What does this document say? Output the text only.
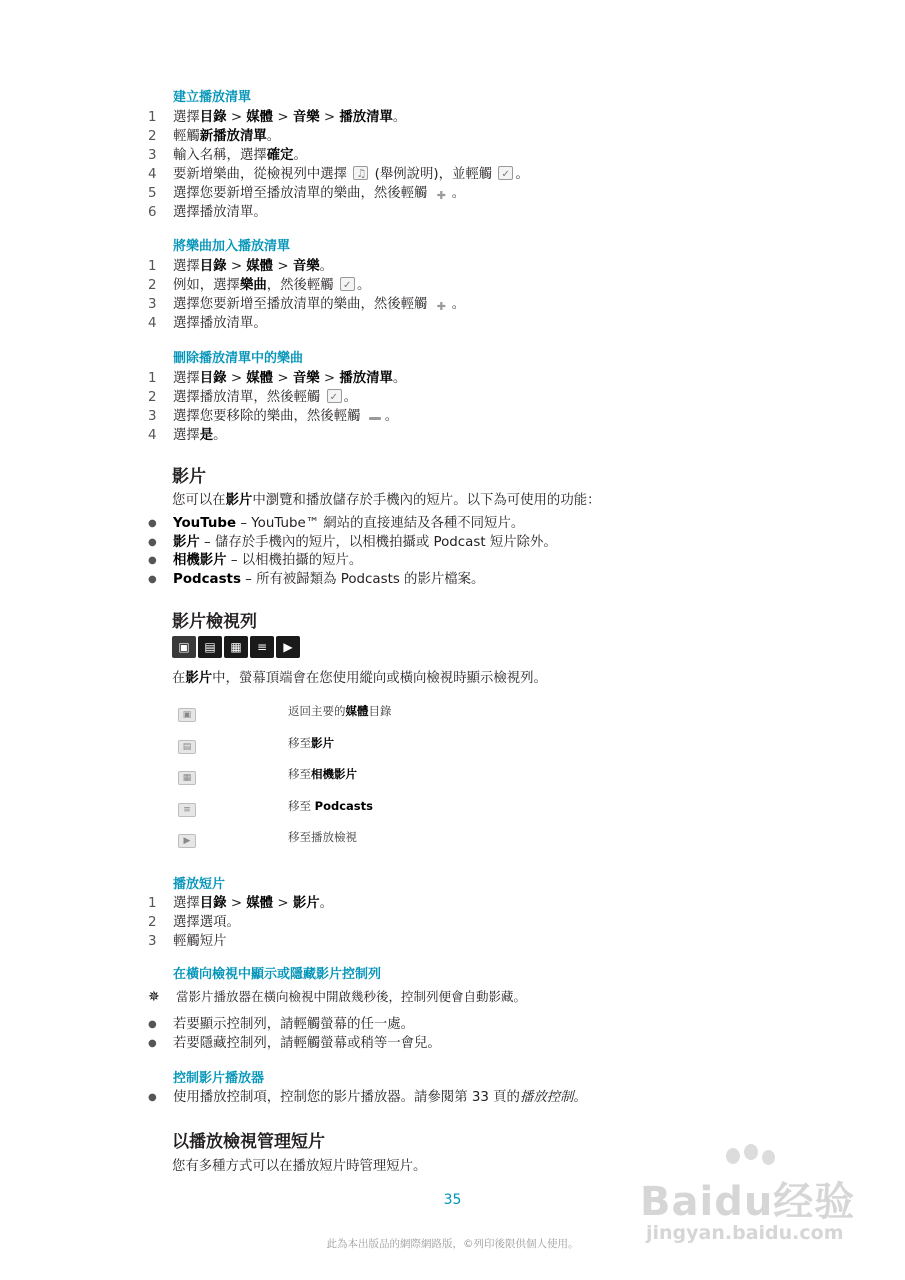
建立播放清單
1 選擇目錄 > 媒體 > 音樂 > 播放清單。
2 輕觸新播放清單。
3 輸入名稱，選擇確定。
4 要新增樂曲，從檢視列中選擇 ♫ (舉例說明)，並輕觸 ✓。
5 選擇您要新增至播放清單的樂曲，然後輕觸 ✚。
6 選擇播放清單。
將樂曲加入播放清單
1 選擇目錄 > 媒體 > 音樂。
2 例如，選擇樂曲，然後輕觸 ✓。
3 選擇您要新增至播放清單的樂曲，然後輕觸 ✚。
4 選擇播放清單。
刪除播放清單中的樂曲
1 選擇目錄 > 媒體 > 音樂 > 播放清單。
2 選擇播放清單，然後輕觸 ✓。
3 選擇您要移除的樂曲，然後輕觸 。
4 選擇是。
影片

您可以在影片中瀏覽和播放儲存於手機內的短片。以下為可使用的功能：

● YouTube – YouTube™ 網站的直接連結及各種不同短片。
● 影片 – 儲存於手機內的短片，以相機拍攝或 Podcast 短片除外。
● 相機影片 – 以相機拍攝的短片。
● Podcasts – 所有被歸類為 Podcasts 的影片檔案。
影片檢視列
▣	▤	▦	≡	▶

在影片中，螢幕頂端會在您使用縱向或橫向檢視時顯示檢視列。

▣	返回主要的媒體目錄
▤	移至影片
▦	移至相機影片
≡	移至 Podcasts
▶	移至播放檢視
播放短片
1 選擇目錄 > 媒體 > 影片。
2 選擇選項。
3 輕觸短片
在橫向檢視中顯示或隱藏影片控制列
✵ 當影片播放器在橫向檢視中開啟幾秒後，控制列便會自動影藏。
● 若要顯示控制列，請輕觸螢幕的任一處。
● 若要隱藏控制列，請輕觸螢幕或稍等一會兒。
控制影片播放器
● 使用播放控制項，控制您的影片播放器。請參閱第 33 頁的播放控制。
以播放檢視管理短片

您有多種方式可以在播放短片時管理短片。

35
此為本出版品的網際網路版，©列印後限供個人使用。
Baidu经验
jingyan.baidu.com
